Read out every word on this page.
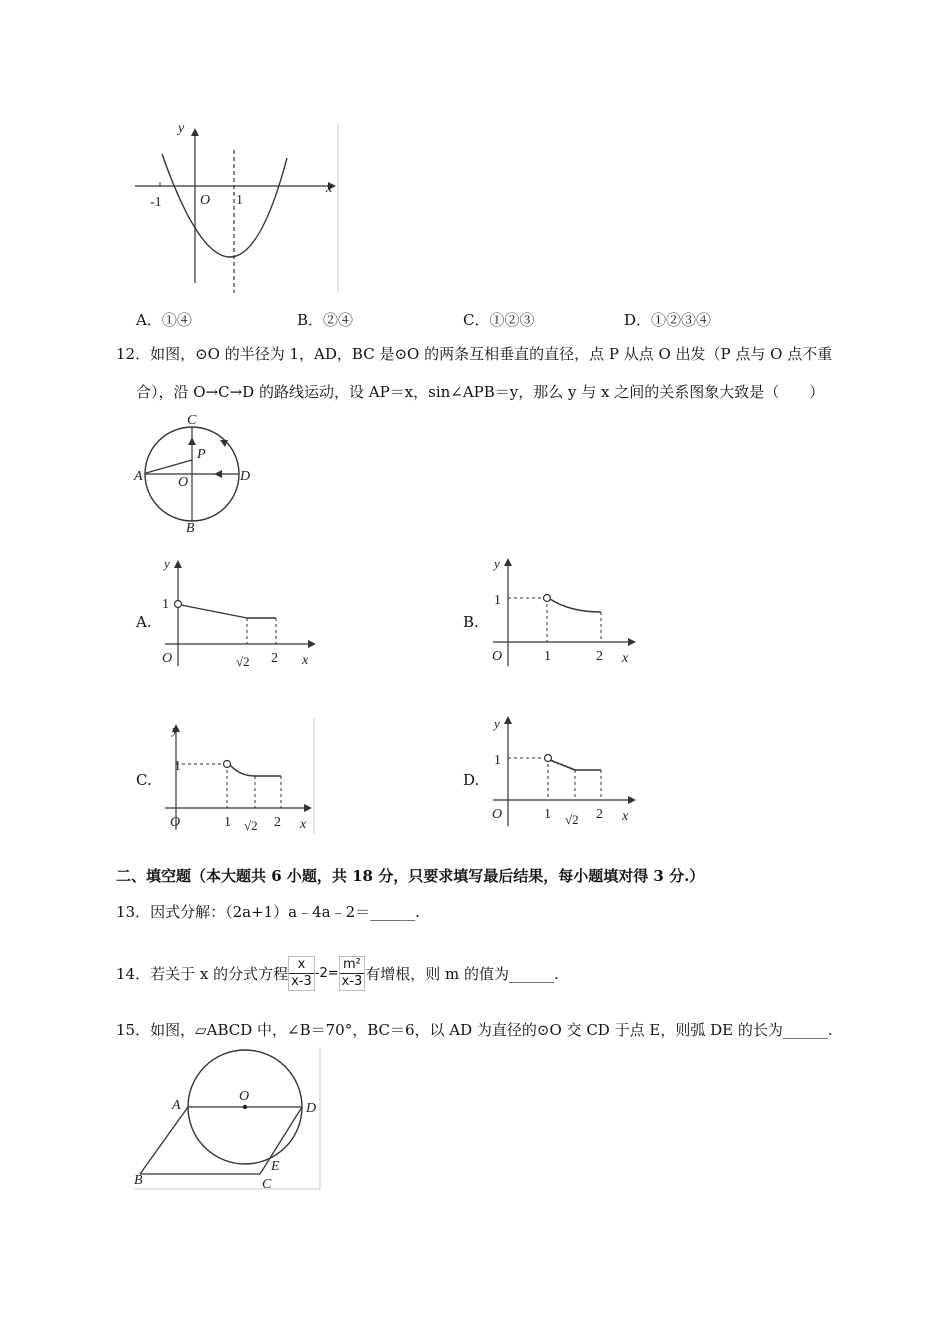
y
x
O
-1	1
A．①④	B．②④	C．①②③	D．①②③④
12．如图，⊙O 的半径为 1，AD，BC 是⊙O 的两条互相垂直的直径，点 P 从点 O 出发（P 点与 O 点不重
合），沿 O→C→D 的路线运动，设 AP＝x，sin∠APB＝y，那么 y 与 x 之间的关系图象大致是（　　）
C
P
A	O	D
B
A.
y
1
O	√2 2 x
B.
y
1
O	1	2 x
C.
y
1
O	1 √2 2 x
D.
y
1
O	1 √2 2 x
二、填空题（本大题共 6 小题，共 18 分，只要求填写最后结果，每小题填对得 3 分.）
13．因式分解：（2a+1）a﹣4a﹣2＝______.
14．若关于 x 的分式方程 $\frac{x}{x-3} -2= \frac{\text{m²}}{x-3}$ 有增根，则 m 的值为______.
15．如图，▱ABCD 中，∠B＝70°，BC＝6，以 AD 为直径的⊙O 交 CD 于点 E，则弧 DE 的长为______.
A
O
D
E
B	C
